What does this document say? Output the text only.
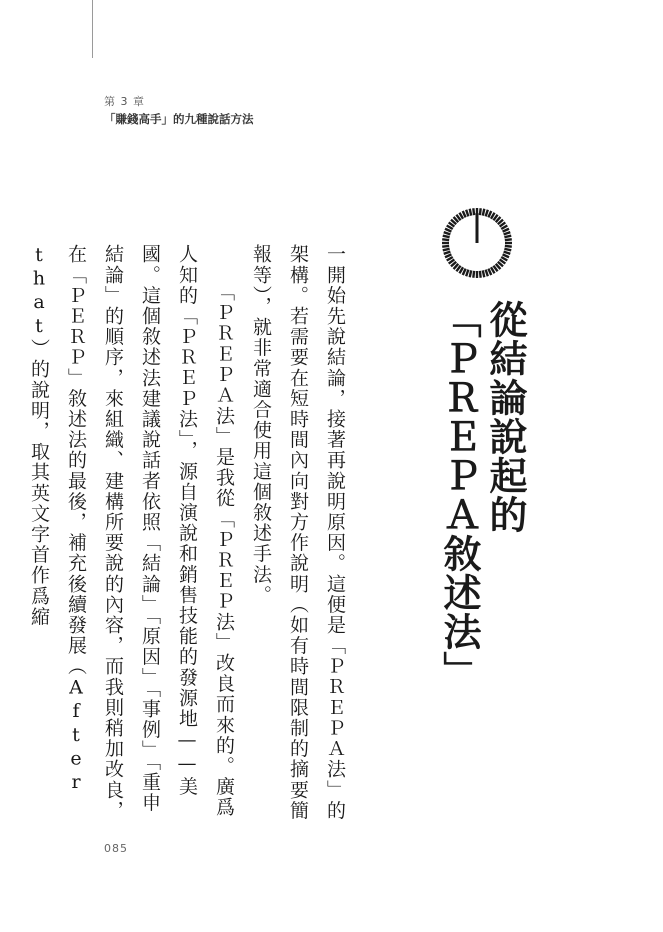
第 3 章
「賺錢高手」的九種說話方法
從結論說起的
「ＰＲＥＰＡ敘述法」

一開始先說結論，接著再說明原因。這便是「ＰＲＥＰＡ法」的架構。若需要在短時間內向對方作說明（如有時間限制的摘要簡報等），就非常適合使用這個敘述手法。

「ＰＲＥＰＡ法」是我從「ＰＲＥＰ法」改良而來的。廣爲人知的「ＰＲＥＰ法」，源自演說和銷售技能的發源地——美國。這個敘述法建議說話者依照「結論」「原因」「事例」「重申結論」的順序，來組織、建構所要說的內容，而我則稍加改良，在「ＰＥＲＰ」敘述法的最後，補充後續發展（After that）的說明，取其英文字首作爲縮

085
